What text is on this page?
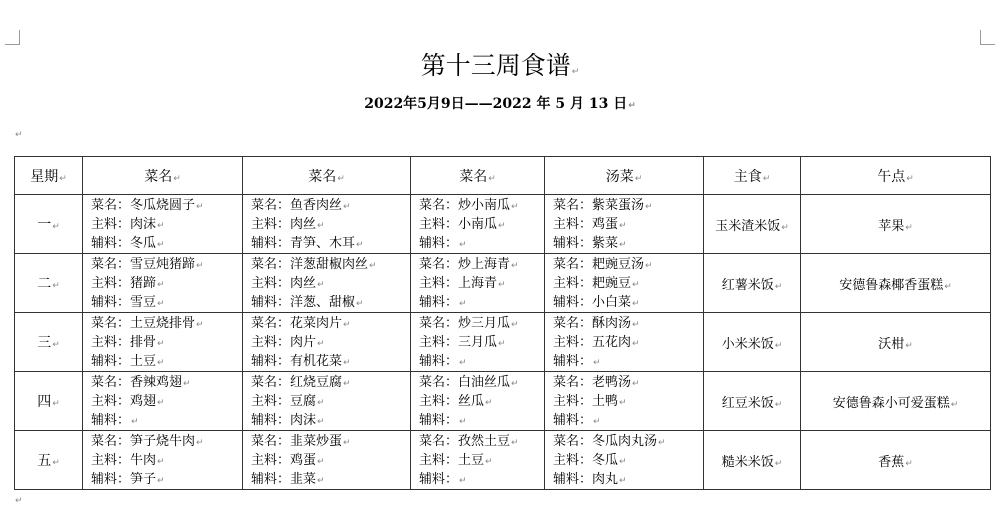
第十三周食谱↵
2022年5月9日——2022 年 5 月 13 日↵
↵
星期↵	菜名↵	菜名↵	菜名↵	汤菜↵	主食↵	午点↵
一↵	菜名：冬瓜烧圆子↵
主料：肉沫↵
辅料：冬瓜↵	菜名：鱼香肉丝↵
主料：肉丝↵
辅料：青笋、木耳↵	菜名：炒小南瓜↵
主料：小南瓜↵
辅料：↵	菜名：紫菜蛋汤↵
主料：鸡蛋↵
辅料：紫菜↵	玉米渣米饭↵	苹果↵
二↵	菜名：雪豆炖猪蹄↵
主料：猪蹄↵
辅料：雪豆↵	菜名：洋葱甜椒肉丝↵
主料：肉丝↵
辅料：洋葱、甜椒↵	菜名：炒上海青↵
主料：上海青↵
辅料：↵	菜名：耙豌豆汤↵
主料：耙豌豆↵
辅料：小白菜↵	红薯米饭↵	安德鲁森椰香蛋糕↵
三↵	菜名：土豆烧排骨↵
主料：排骨↵
辅料：土豆↵	菜名：花菜肉片↵
主料：肉片↵
辅料：有机花菜↵	菜名：炒三月瓜↵
主料：三月瓜↵
辅料：↵	菜名：酥肉汤↵
主料：五花肉↵
辅料：↵	小米米饭↵	沃柑↵
四↵	菜名：香辣鸡翅↵
主料：鸡翅↵
辅料：↵	菜名：红烧豆腐↵
主料：豆腐↵
辅料：肉沫↵	菜名：白油丝瓜↵
主料：丝瓜↵
辅料：↵	菜名：老鸭汤↵
主料：土鸭↵
辅料：↵	红豆米饭↵	安德鲁森小可爱蛋糕↵
五↵	菜名：笋子烧牛肉↵
主料：牛肉↵
辅料：笋子↵	菜名：韭菜炒蛋↵
主料：鸡蛋↵
辅料：韭菜↵	菜名：孜然土豆↵
主料：土豆↵
辅料：↵	菜名：冬瓜肉丸汤↵
主料：冬瓜↵
辅料：肉丸↵	糙米米饭↵	香蕉↵
↵
